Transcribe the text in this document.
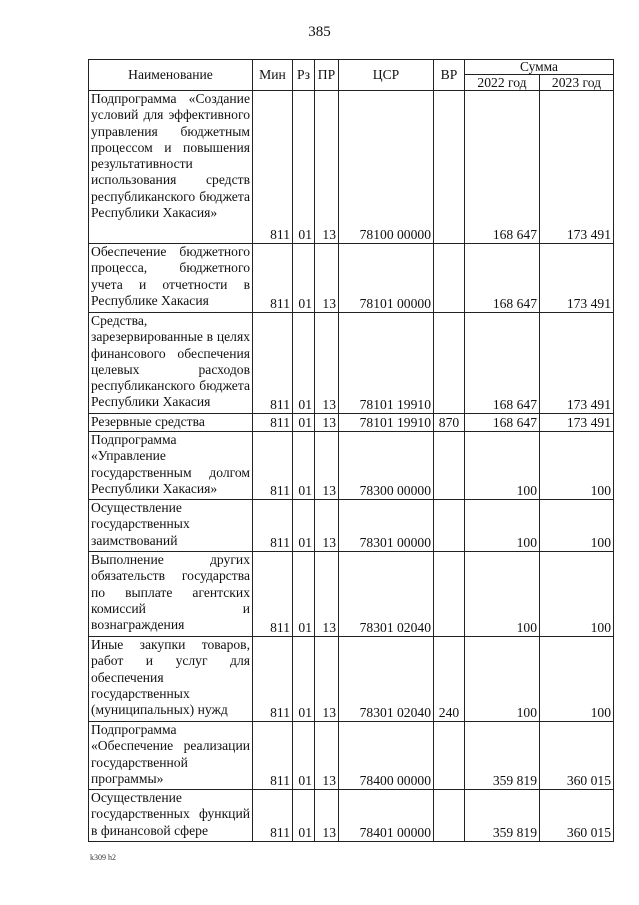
385
Наименование	Мин	Рз	ПР	ЦСР	ВР	Сумма	
						2022 год	2023 год
Подпрограмма «Создание условий для эффективного управления бюджетным процессом и повышения результативности использования средств республиканского бюджета Республики Хакасия»	811	01	13	78100 00000		168 647	173 491
Обеспечение бюджетного процесса, бюджетного учета и отчетности в Республике Хакасия	811	01	13	78101 00000		168 647	173 491
Средства, зарезервированные в целях финансового обеспечения целевых расходов республиканского бюджета Республики Хакасия	811	01	13	78101 19910		168 647	173 491
Резервные средства	811	01	13	78101 19910	870	168 647	173 491
Подпрограмма «Управление государственным долгом Республики Хакасия»	811	01	13	78300 00000		100	100
Осуществление государственных заимствований	811	01	13	78301 00000		100	100
Выполнение других обязательств государства по выплате агентских комиссий и вознаграждения	811	01	13	78301 02040		100	100
Иные закупки товаров, работ и услуг для обеспечения государственных (муниципальных) нужд	811	01	13	78301 02040	240	100	100
Подпрограмма «Обеспечение реализации государственной программы»	811	01	13	78400 00000		359 819	360 015
Осуществление государственных функций в финансовой сфере	811	01	13	78401 00000		359 819	360 015
k309 h2
